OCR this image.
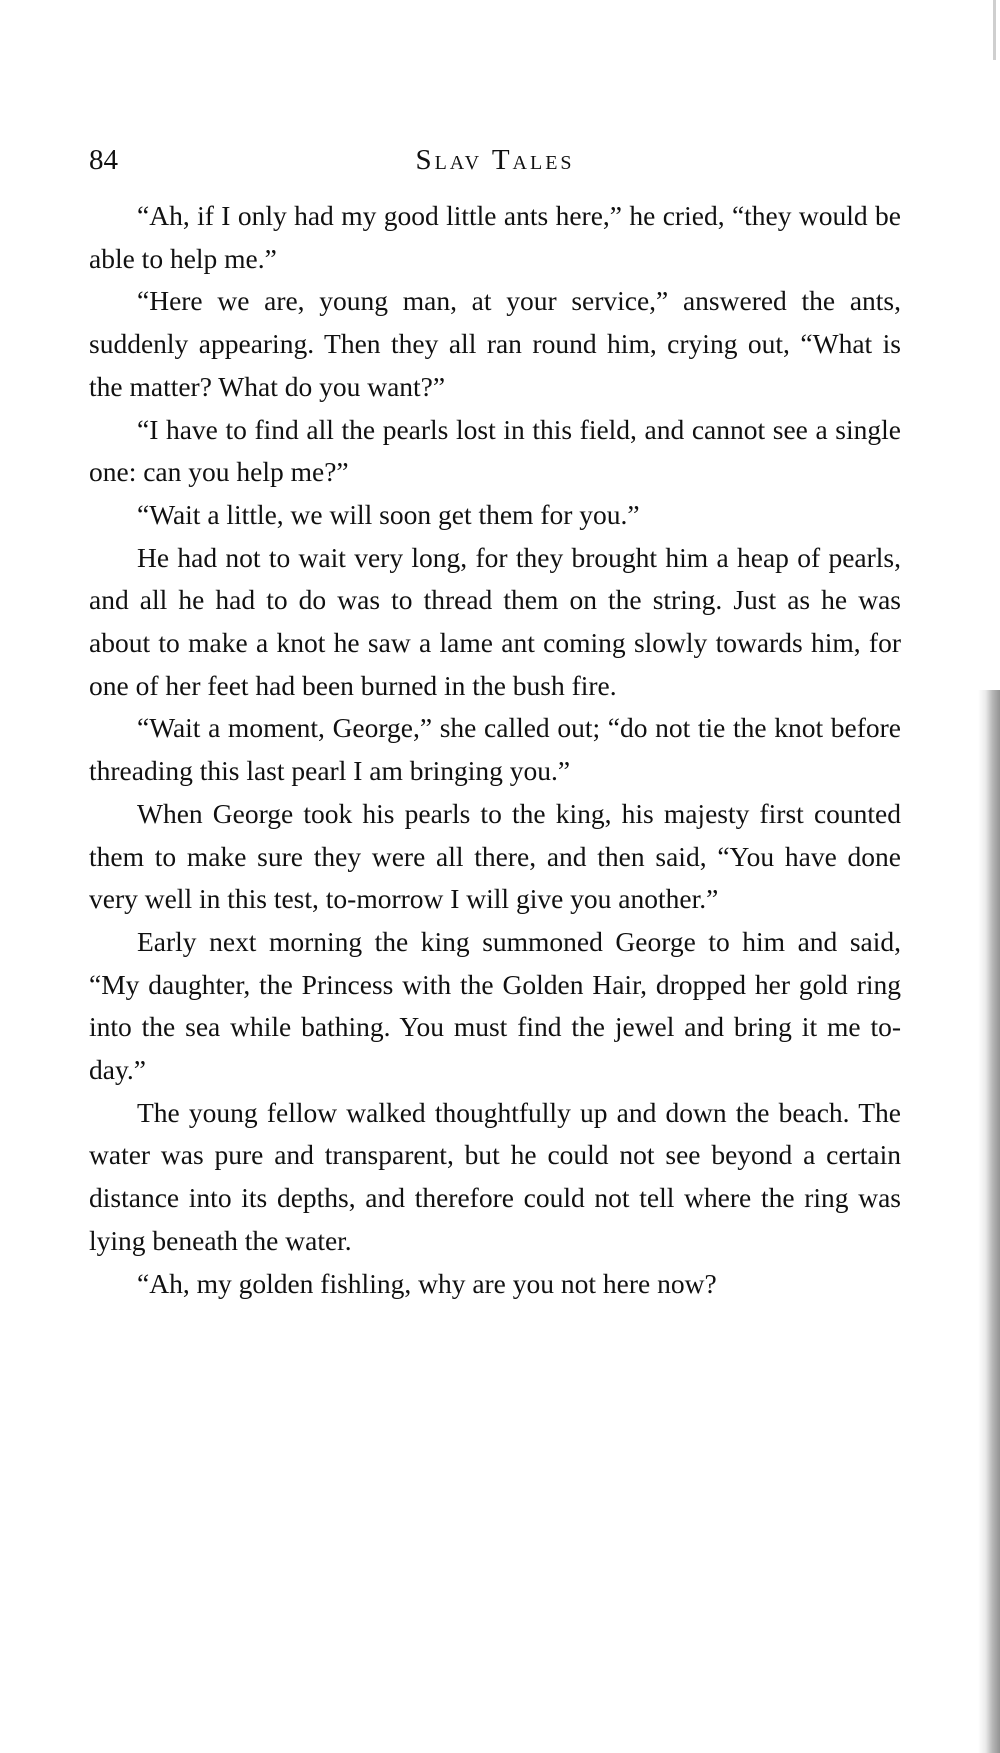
84	Slav Tales

“Ah, if I only had my good little ants here,” he cried, “they would be able to help me.”

“Here we are, young man, at your service,” answered the ants, suddenly appearing. Then they all ran round him, crying out, “What is the matter? What do you want?”

“I have to find all the pearls lost in this field, and cannot see a single one: can you help me?”

“Wait a little, we will soon get them for you.”

He had not to wait very long, for they brought him a heap of pearls, and all he had to do was to thread them on the string. Just as he was about to make a knot he saw a lame ant coming slowly towards him, for one of her feet had been burned in the bush fire.

“Wait a moment, George,” she called out; “do not tie the knot before threading this last pearl I am bringing you.”

When George took his pearls to the king, his majesty first counted them to make sure they were all there, and then said, “You have done very well in this test, to-morrow I will give you another.”

Early next morning the king summoned George to him and said, “My daughter, the Princess with the Golden Hair, dropped her gold ring into the sea while bathing. You must find the jewel and bring it me to-day.”

The young fellow walked thoughtfully up and down the beach. The water was pure and transparent, but he could not see beyond a certain distance into its depths, and therefore could not tell where the ring was lying beneath the water.

“Ah, my golden fishling, why are you not here now?
